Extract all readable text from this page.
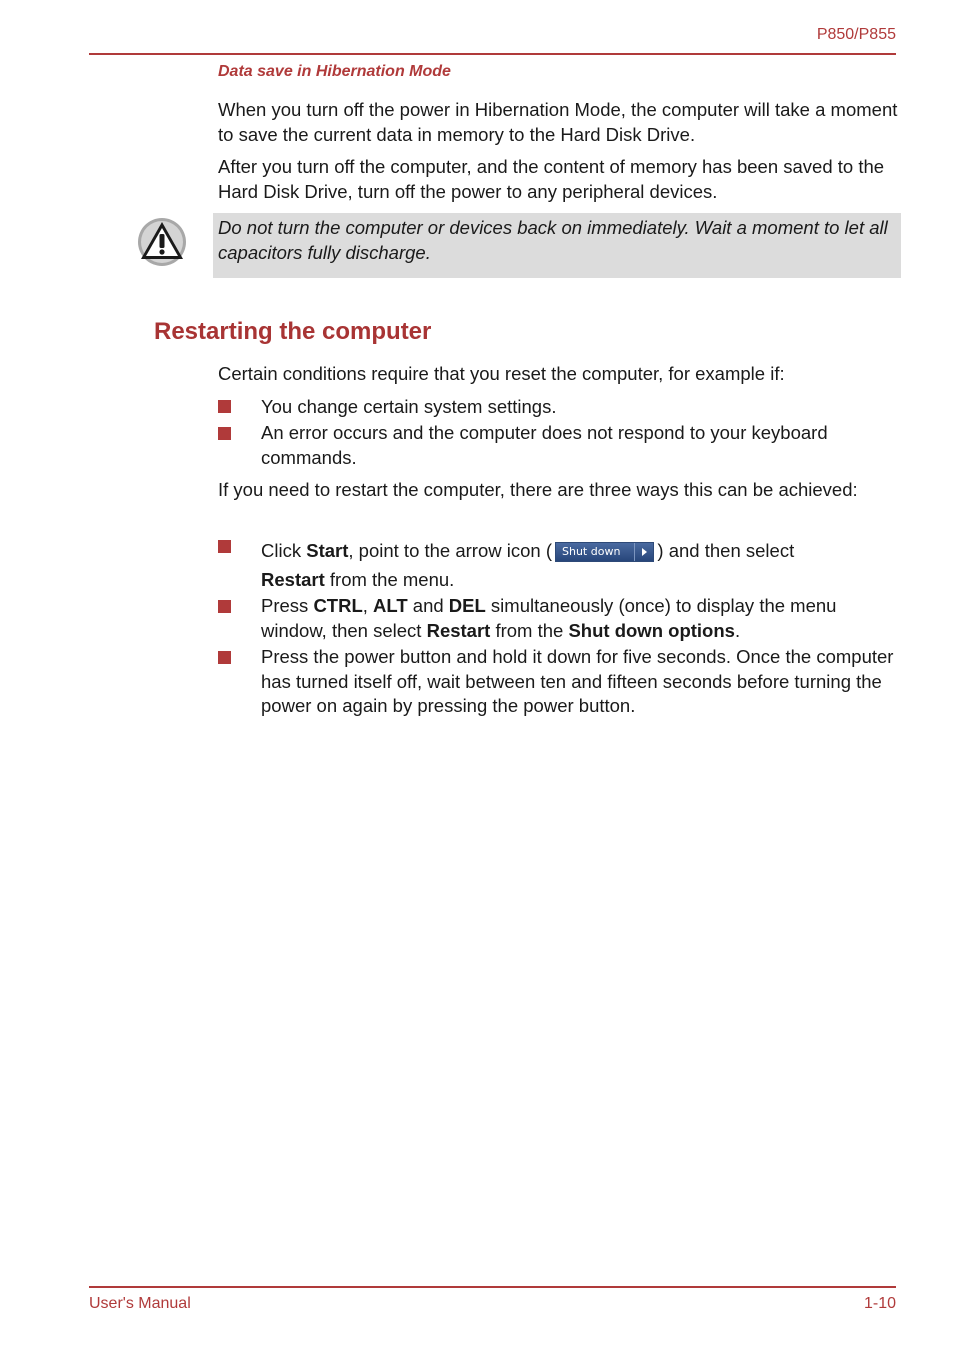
P850/P855
Data save in Hibernation Mode

When you turn off the power in Hibernation Mode, the computer will take a moment to save the current data in memory to the Hard Disk Drive.

After you turn off the computer, and the content of memory has been saved to the Hard Disk Drive, turn off the power to any peripheral devices.

Do not turn the computer or devices back on immediately. Wait a moment to let all capacitors fully discharge.
Restarting the computer

Certain conditions require that you reset the computer, for example if:

You change certain system settings.

An error occurs and the computer does not respond to your keyboard commands.

If you need to restart the computer, there are three ways this can be achieved:

Click Start, point to the arrow icon ( Shut down	) and then select

Restart from the menu.

Press CTRL, ALT and DEL simultaneously (once) to display the menu window, then select Restart from the Shut down options.

Press the power button and hold it down for five seconds. Once the computer has turned itself off, wait between ten and fifteen seconds before turning the power on again by pressing the power button.

User's Manual	1-10
